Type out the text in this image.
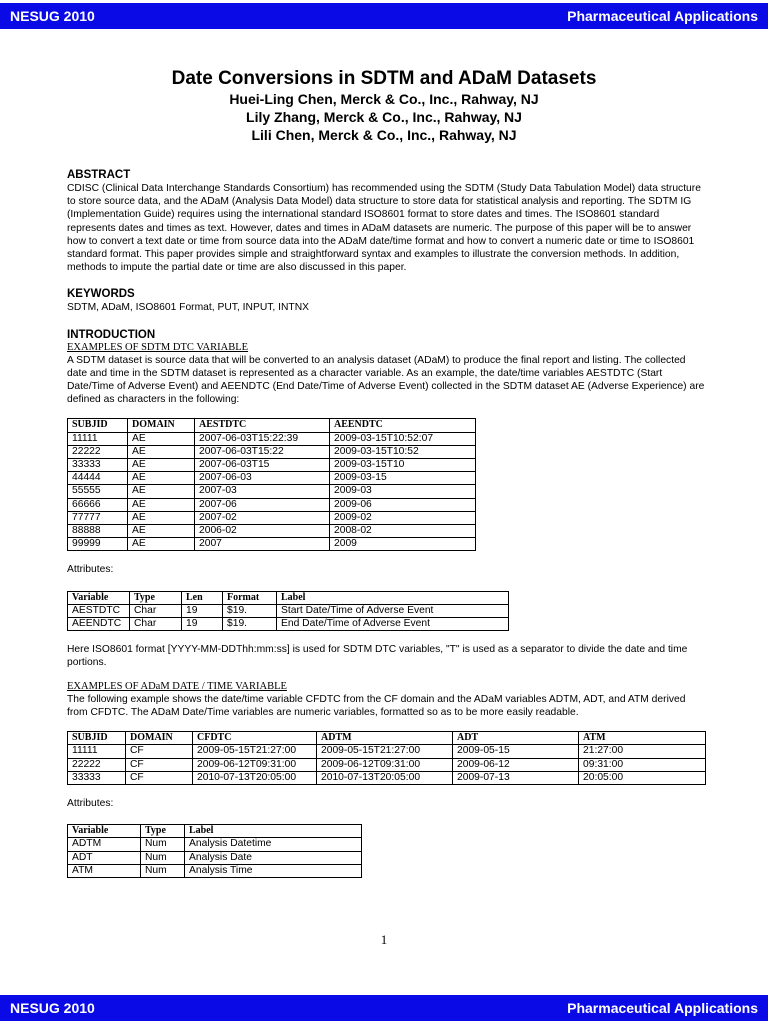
NESUG 2010	Pharmaceutical Applications

Date Conversions in SDTM and ADaM Datasets

Huei-Ling Chen, Merck & Co., Inc., Rahway, NJ

Lily Zhang, Merck & Co., Inc., Rahway, NJ

Lili Chen, Merck & Co., Inc., Rahway, NJ

ABSTRACT

CDISC (Clinical Data Interchange Standards Consortium) has recommended using the SDTM (Study Data Tabulation Model) data structure to store source data, and the ADaM (Analysis Data Model) data structure to store data for statistical analysis and reporting. The SDTM IG (Implementation Guide) requires using the international standard ISO8601 format to store dates and times. The ISO8601 standard represents dates and times as text. However, dates and times in ADaM datasets are numeric. The purpose of this paper will be to answer how to convert a text date or time from source data into the ADaM date/time format and how to convert a numeric date or time to ISO8601 standard format. This paper provides simple and straightforward syntax and examples to illustrate the conversion methods. In addition, methods to impute the partial date or time are also discussed in this paper.

KEYWORDS

SDTM, ADaM, ISO8601 Format, PUT, INPUT, INTNX

INTRODUCTION

EXAMPLES OF SDTM DTC VARIABLE

A SDTM dataset is source data that will be converted to an analysis dataset (ADaM) to produce the final report and listing. The collected date and time in the SDTM dataset is represented as a character variable. As an example, the date/time variables AESTDTC (Start Date/Time of Adverse Event) and AEENDTC (End Date/Time of Adverse Event) collected in the SDTM dataset AE (Adverse Experience) are defined as characters in the following:

SUBJID	DOMAIN	AESTDTC	AEENDTC
11111	AE	2007-06-03T15:22:39	2009-03-15T10:52:07
22222	AE	2007-06-03T15:22	2009-03-15T10:52
33333	AE	2007-06-03T15	2009-03-15T10
44444	AE	2007-06-03	2009-03-15
55555	AE	2007-03	2009-03
66666	AE	2007-06	2009-06
77777	AE	2007-02	2009-02
88888	AE	2006-02	2008-02
99999	AE	2007	2009

Attributes:

Variable	Type	Len	Format	Label
AESTDTC	Char	19	$19.	Start Date/Time of Adverse Event
AEENDTC	Char	19	$19.	End Date/Time of Adverse Event

Here ISO8601 format [YYYY-MM-DDThh:mm:ss] is used for SDTM DTC variables, "T" is used as a separator to divide the date and time portions.

EXAMPLES OF ADaM DATE / TIME VARIABLE

The following example shows the date/time variable CFDTC from the CF domain and the ADaM variables ADTM, ADT, and ATM derived from CFDTC. The ADaM Date/Time variables are numeric variables, formatted so as to be more easily readable.

SUBJID	DOMAIN	CFDTC	ADTM	ADT	ATM
11111	CF	2009-05-15T21:27:00	2009-05-15T21:27:00	2009-05-15	21:27:00
22222	CF	2009-06-12T09:31:00	2009-06-12T09:31:00	2009-06-12	09:31:00
33333	CF	2010-07-13T20:05:00	2010-07-13T20:05:00	2009-07-13	20:05:00

Attributes:

Variable	Type	Label
ADTM	Num	Analysis Datetime
ADT	Num	Analysis Date
ATM	Num	Analysis Time
1
NESUG 2010	Pharmaceutical Applications
